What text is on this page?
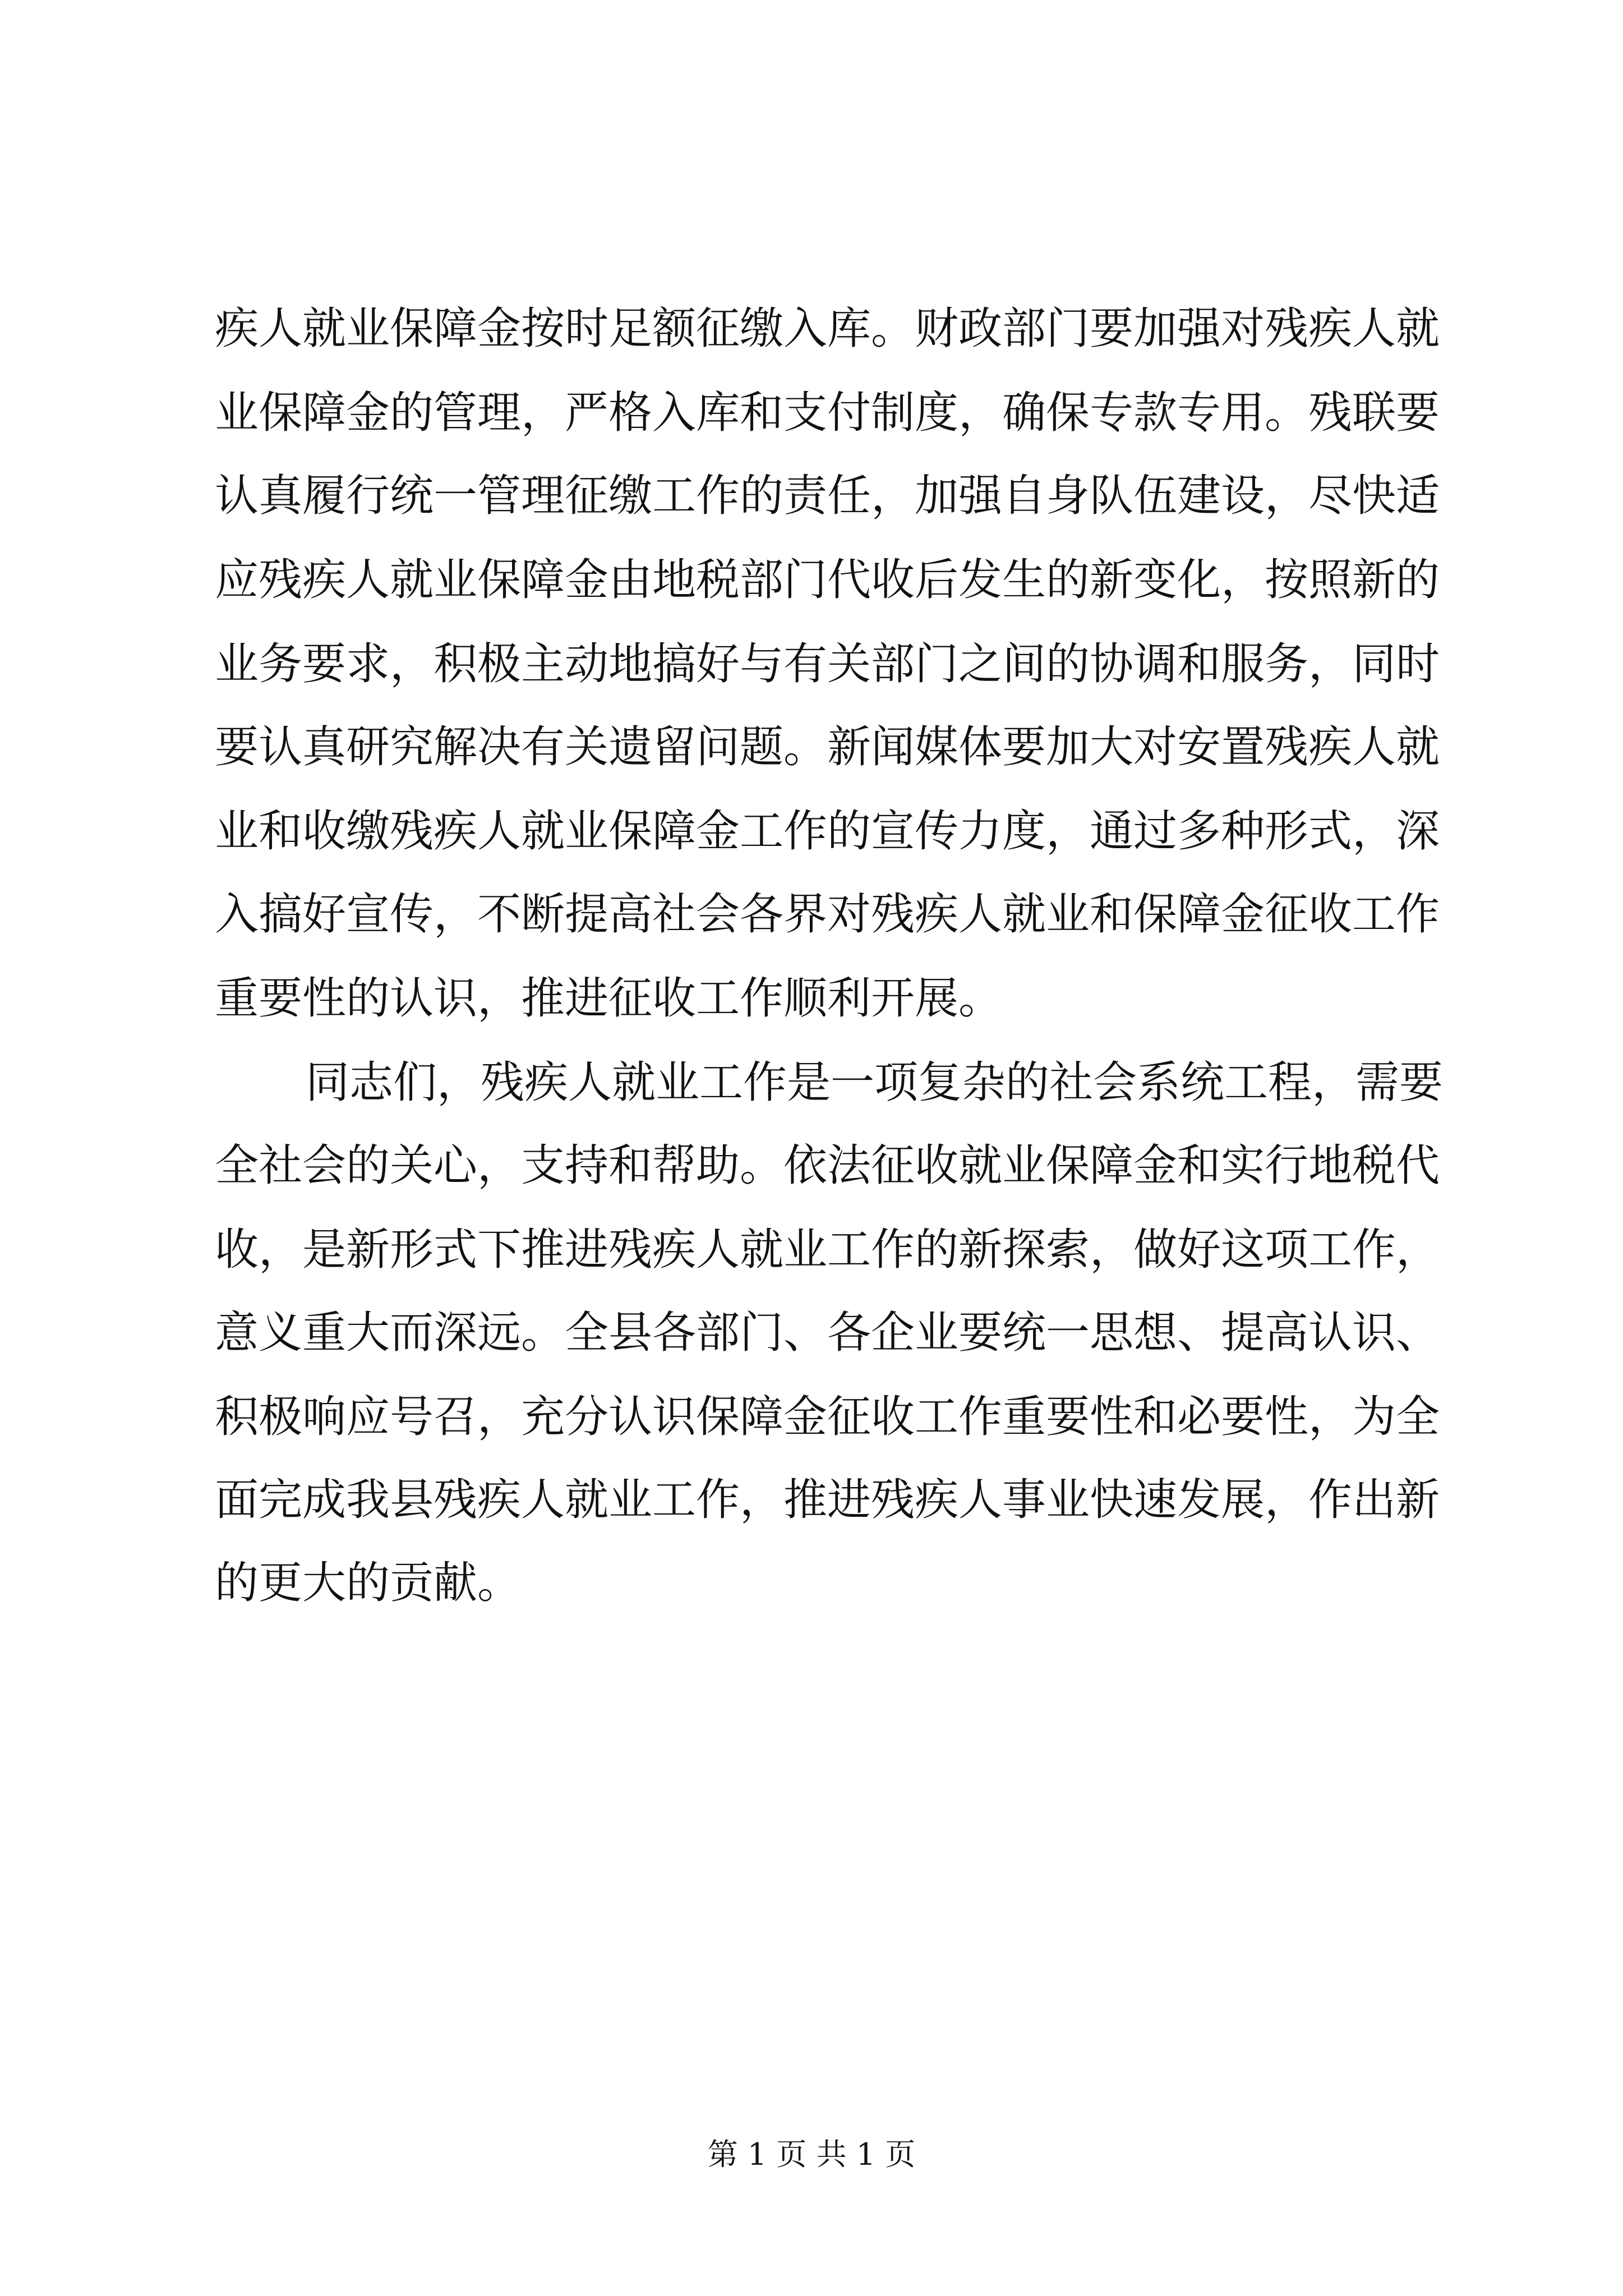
疾人就业保障金按时足额征缴入库。财政部门要加强对残疾人就
业保障金的管理，严格入库和支付制度，确保专款专用。残联要
认真履行统一管理征缴工作的责任，加强自身队伍建设，尽快适
应残疾人就业保障金由地税部门代收后发生的新变化，按照新的
业务要求，积极主动地搞好与有关部门之间的协调和服务，同时
要认真研究解决有关遗留问题。新闻媒体要加大对安置残疾人就
业和收缴残疾人就业保障金工作的宣传力度，通过多种形式，深
入搞好宣传，不断提高社会各界对残疾人就业和保障金征收工作
重要性的认识，推进征收工作顺利开展。
同志们，残疾人就业工作是一项复杂的社会系统工程，需要
全社会的关心，支持和帮助。依法征收就业保障金和实行地税代
收，是新形式下推进残疾人就业工作的新探索，做好这项工作，
意义重大而深远。全县各部门、各企业要统一思想、提高认识、
积极响应号召，充分认识保障金征收工作重要性和必要性，为全
面完成我县残疾人就业工作，推进残疾人事业快速发展，作出新
的更大的贡献。
第 1 页 共 1 页
